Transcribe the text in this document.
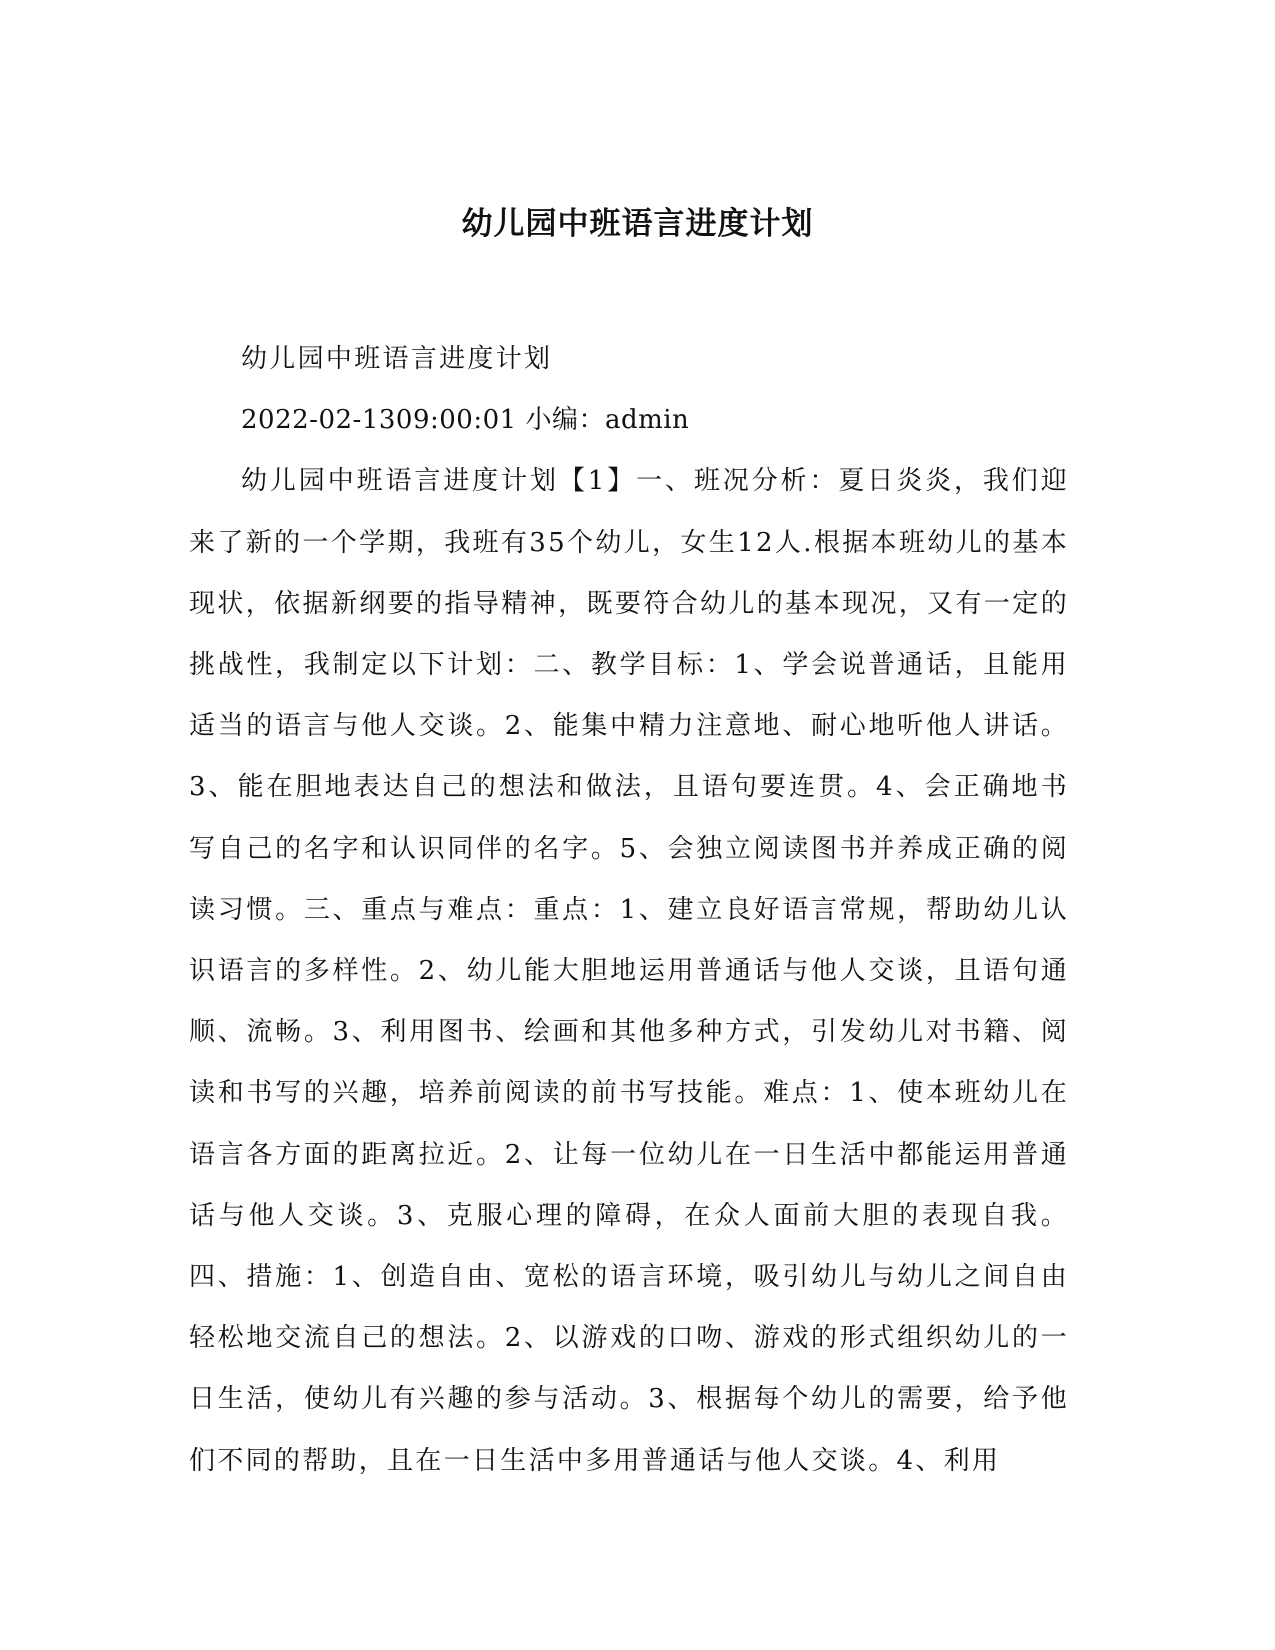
幼儿园中班语言进度计划

幼儿园中班语言进度计划

2022-02-1309:00:01 小编：admin

幼儿园中班语言进度计划【1】一、班况分析：夏日炎炎，我们迎来了新的一个学期，我班有35个幼儿，女生12人.根据本班幼儿的基本现状，依据新纲要的指导精神，既要符合幼儿的基本现况，又有一定的挑战性，我制定以下计划：二、教学目标：1、学会说普通话，且能用适当的语言与他人交谈。2、能集中精力注意地、耐心地听他人讲话。3、能在胆地表达自己的想法和做法，且语句要连贯。4、会正确地书写自己的名字和认识同伴的名字。5、会独立阅读图书并养成正确的阅读习惯。三、重点与难点：重点：1、建立良好语言常规，帮助幼儿认识语言的多样性。2、幼儿能大胆地运用普通话与他人交谈，且语句通顺、流畅。3、利用图书、绘画和其他多种方式，引发幼儿对书籍、阅读和书写的兴趣，培养前阅读的前书写技能。难点：1、使本班幼儿在语言各方面的距离拉近。2、让每一位幼儿在一日生活中都能运用普通话与他人交谈。3、克服心理的障碍，在众人面前大胆的表现自我。四、措施：1、创造自由、宽松的语言环境，吸引幼儿与幼儿之间自由轻松地交流自己的想法。2、以游戏的口吻、游戏的形式组织幼儿的一日生活，使幼儿有兴趣的参与活动。3、根据每个幼儿的需要，给予他们不同的帮助，且在一日生活中多用普通话与他人交谈。4、利用
